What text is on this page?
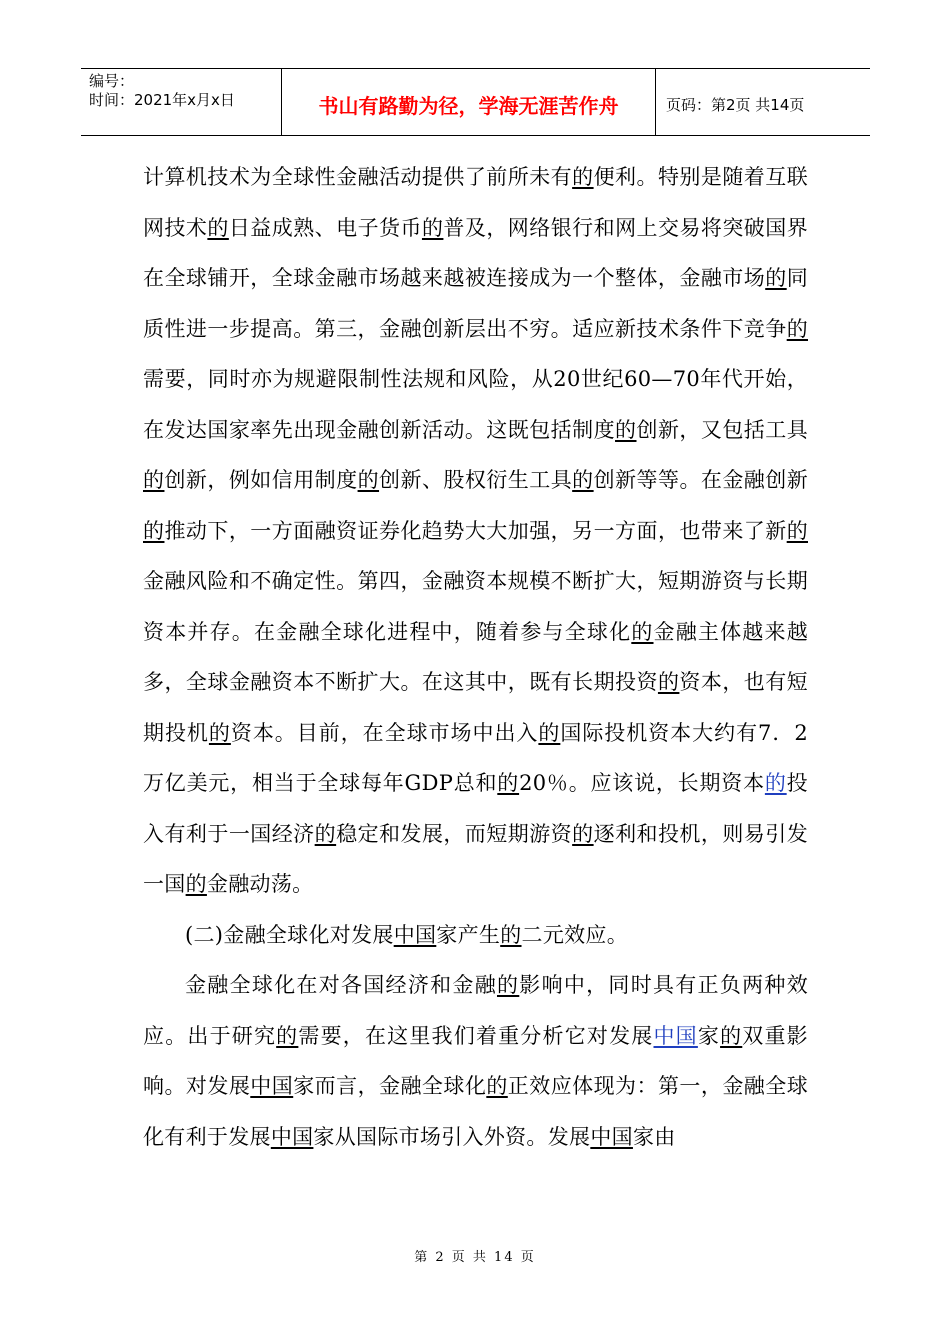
编号：
时间：2021年x月x日	书山有路勤为径，学海无涯苦作舟	页码：第2页 共14页

计算机技术为全球性金融活动提供了前所未有的便利。特别是随着互联网技术的日益成熟、电子货币的普及，网络银行和网上交易将突破国界在全球铺开，全球金融市场越来越被连接成为一个整体，金融市场的同质性进一步提高。第三，金融创新层出不穷。适应新技术条件下竞争的需要，同时亦为规避限制性法规和风险，从20世纪60—70年代开始，在发达国家率先出现金融创新活动。这既包括制度的创新，又包括工具的创新，例如信用制度的创新、股权衍生工具的创新等等。在金融创新的推动下，一方面融资证券化趋势大大加强，另一方面，也带来了新的金融风险和不确定性。第四，金融资本规模不断扩大，短期游资与长期资本并存。在金融全球化进程中，随着参与全球化的金融主体越来越多，全球金融资本不断扩大。在这其中，既有长期投资的资本，也有短期投机的资本。目前，在全球市场中出入的国际投机资本大约有7．2万亿美元，相当于全球每年GDP总和的20％。应该说，长期资本的投入有利于一国经济的稳定和发展，而短期游资的逐利和投机，则易引发一国的金融动荡。

(二)金融全球化对发展中国家产生的二元效应。

金融全球化在对各国经济和金融的影响中，同时具有正负两种效应。出于研究的需要，在这里我们着重分析它对发展中国家的双重影响。对发展中国家而言，金融全球化的正效应体现为：第一，金融全球化有利于发展中国家从国际市场引入外资。发展中国家由

第 2 页 共 14 页
